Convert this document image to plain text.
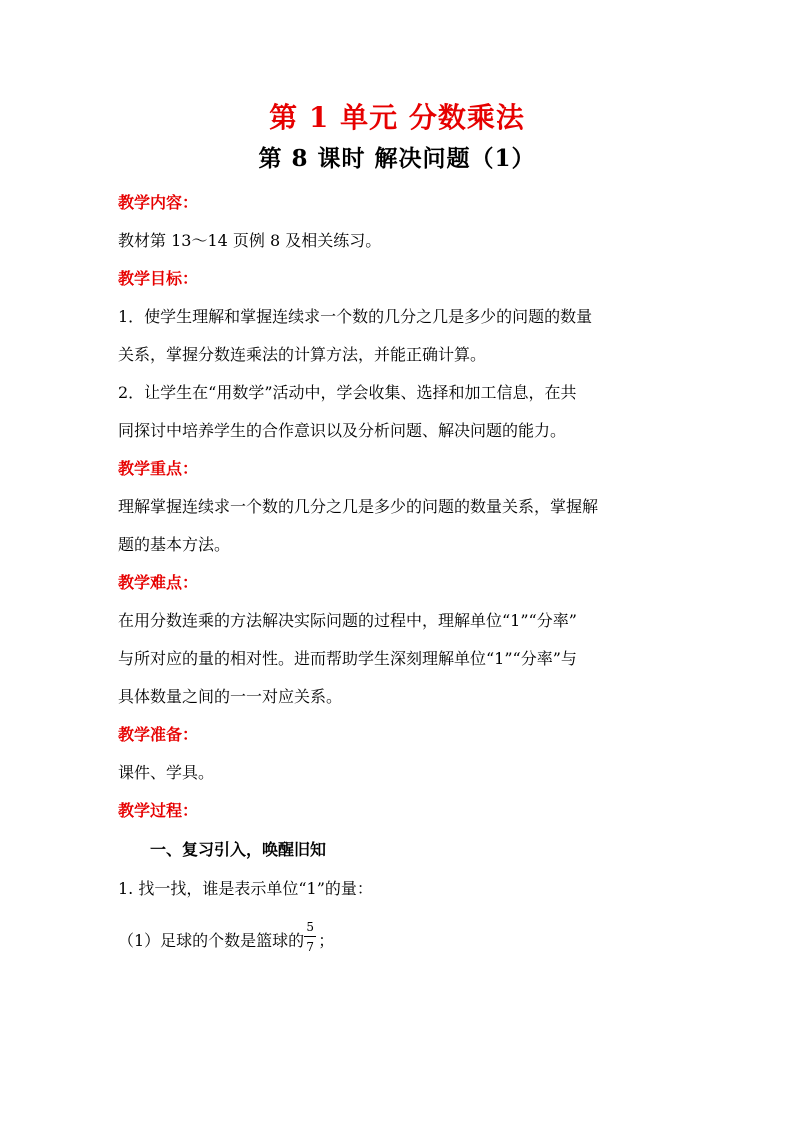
第 1 单元 分数乘法
第 8 课时 解决问题（1）
教学内容：
教材第 13～14 页例 8 及相关练习。
教学目标：
1．使学生理解和掌握连续求一个数的几分之几是多少的问题的数量
关系，掌握分数连乘法的计算方法，并能正确计算。
2．让学生在“用数学”活动中，学会收集、选择和加工信息，在共
同探讨中培养学生的合作意识以及分析问题、解决问题的能力。
教学重点：
理解掌握连续求一个数的几分之几是多少的问题的数量关系，掌握解
题的基本方法。
教学难点：
在用分数连乘的方法解决实际问题的过程中，理解单位“1”“分率”
与所对应的量的相对性。进而帮助学生深刻理解单位“1”“分率”与
具体数量之间的一一对应关系。
教学准备：
课件、学具。
教学过程：
一、复习引入，唤醒旧知
1. 找一找，谁是表示单位“1”的量：
（1）足球的个数是篮球的
$\frac{5}{7}$
；
